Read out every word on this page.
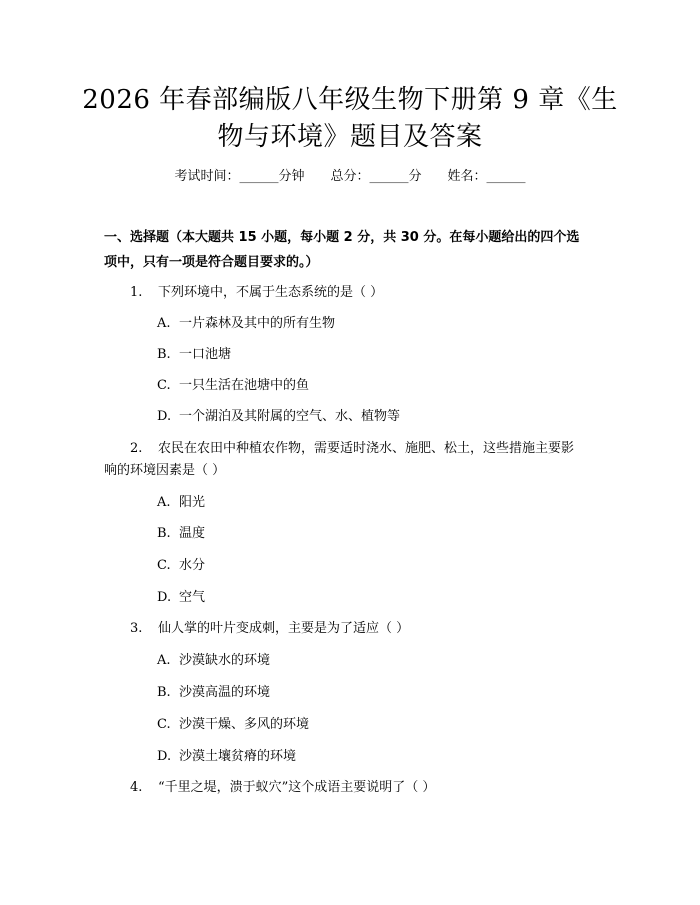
2026 年春部编版八年级生物下册第 9 章《生
物与环境》题目及答案
考试时间：______分钟 总分：______分 姓名：______
一、选择题（本大题共 15 小题，每小题 2 分，共 30 分。在每小题给出的四个选
项中，只有一项是符合题目要求的。）
1. 下列环境中，不属于生态系统的是（ ）
A. 一片森林及其中的所有生物
B. 一口池塘
C. 一只生活在池塘中的鱼
D. 一个湖泊及其附属的空气、水、植物等
2. 农民在农田中种植农作物，需要适时浇水、施肥、松土，这些措施主要影
响的环境因素是（ ）
A. 阳光
B. 温度
C. 水分
D. 空气
3. 仙人掌的叶片变成刺，主要是为了适应（ ）
A. 沙漠缺水的环境
B. 沙漠高温的环境
C. 沙漠干燥、多风的环境
D. 沙漠土壤贫瘠的环境
4. “千里之堤，溃于蚁穴”这个成语主要说明了（ ）
